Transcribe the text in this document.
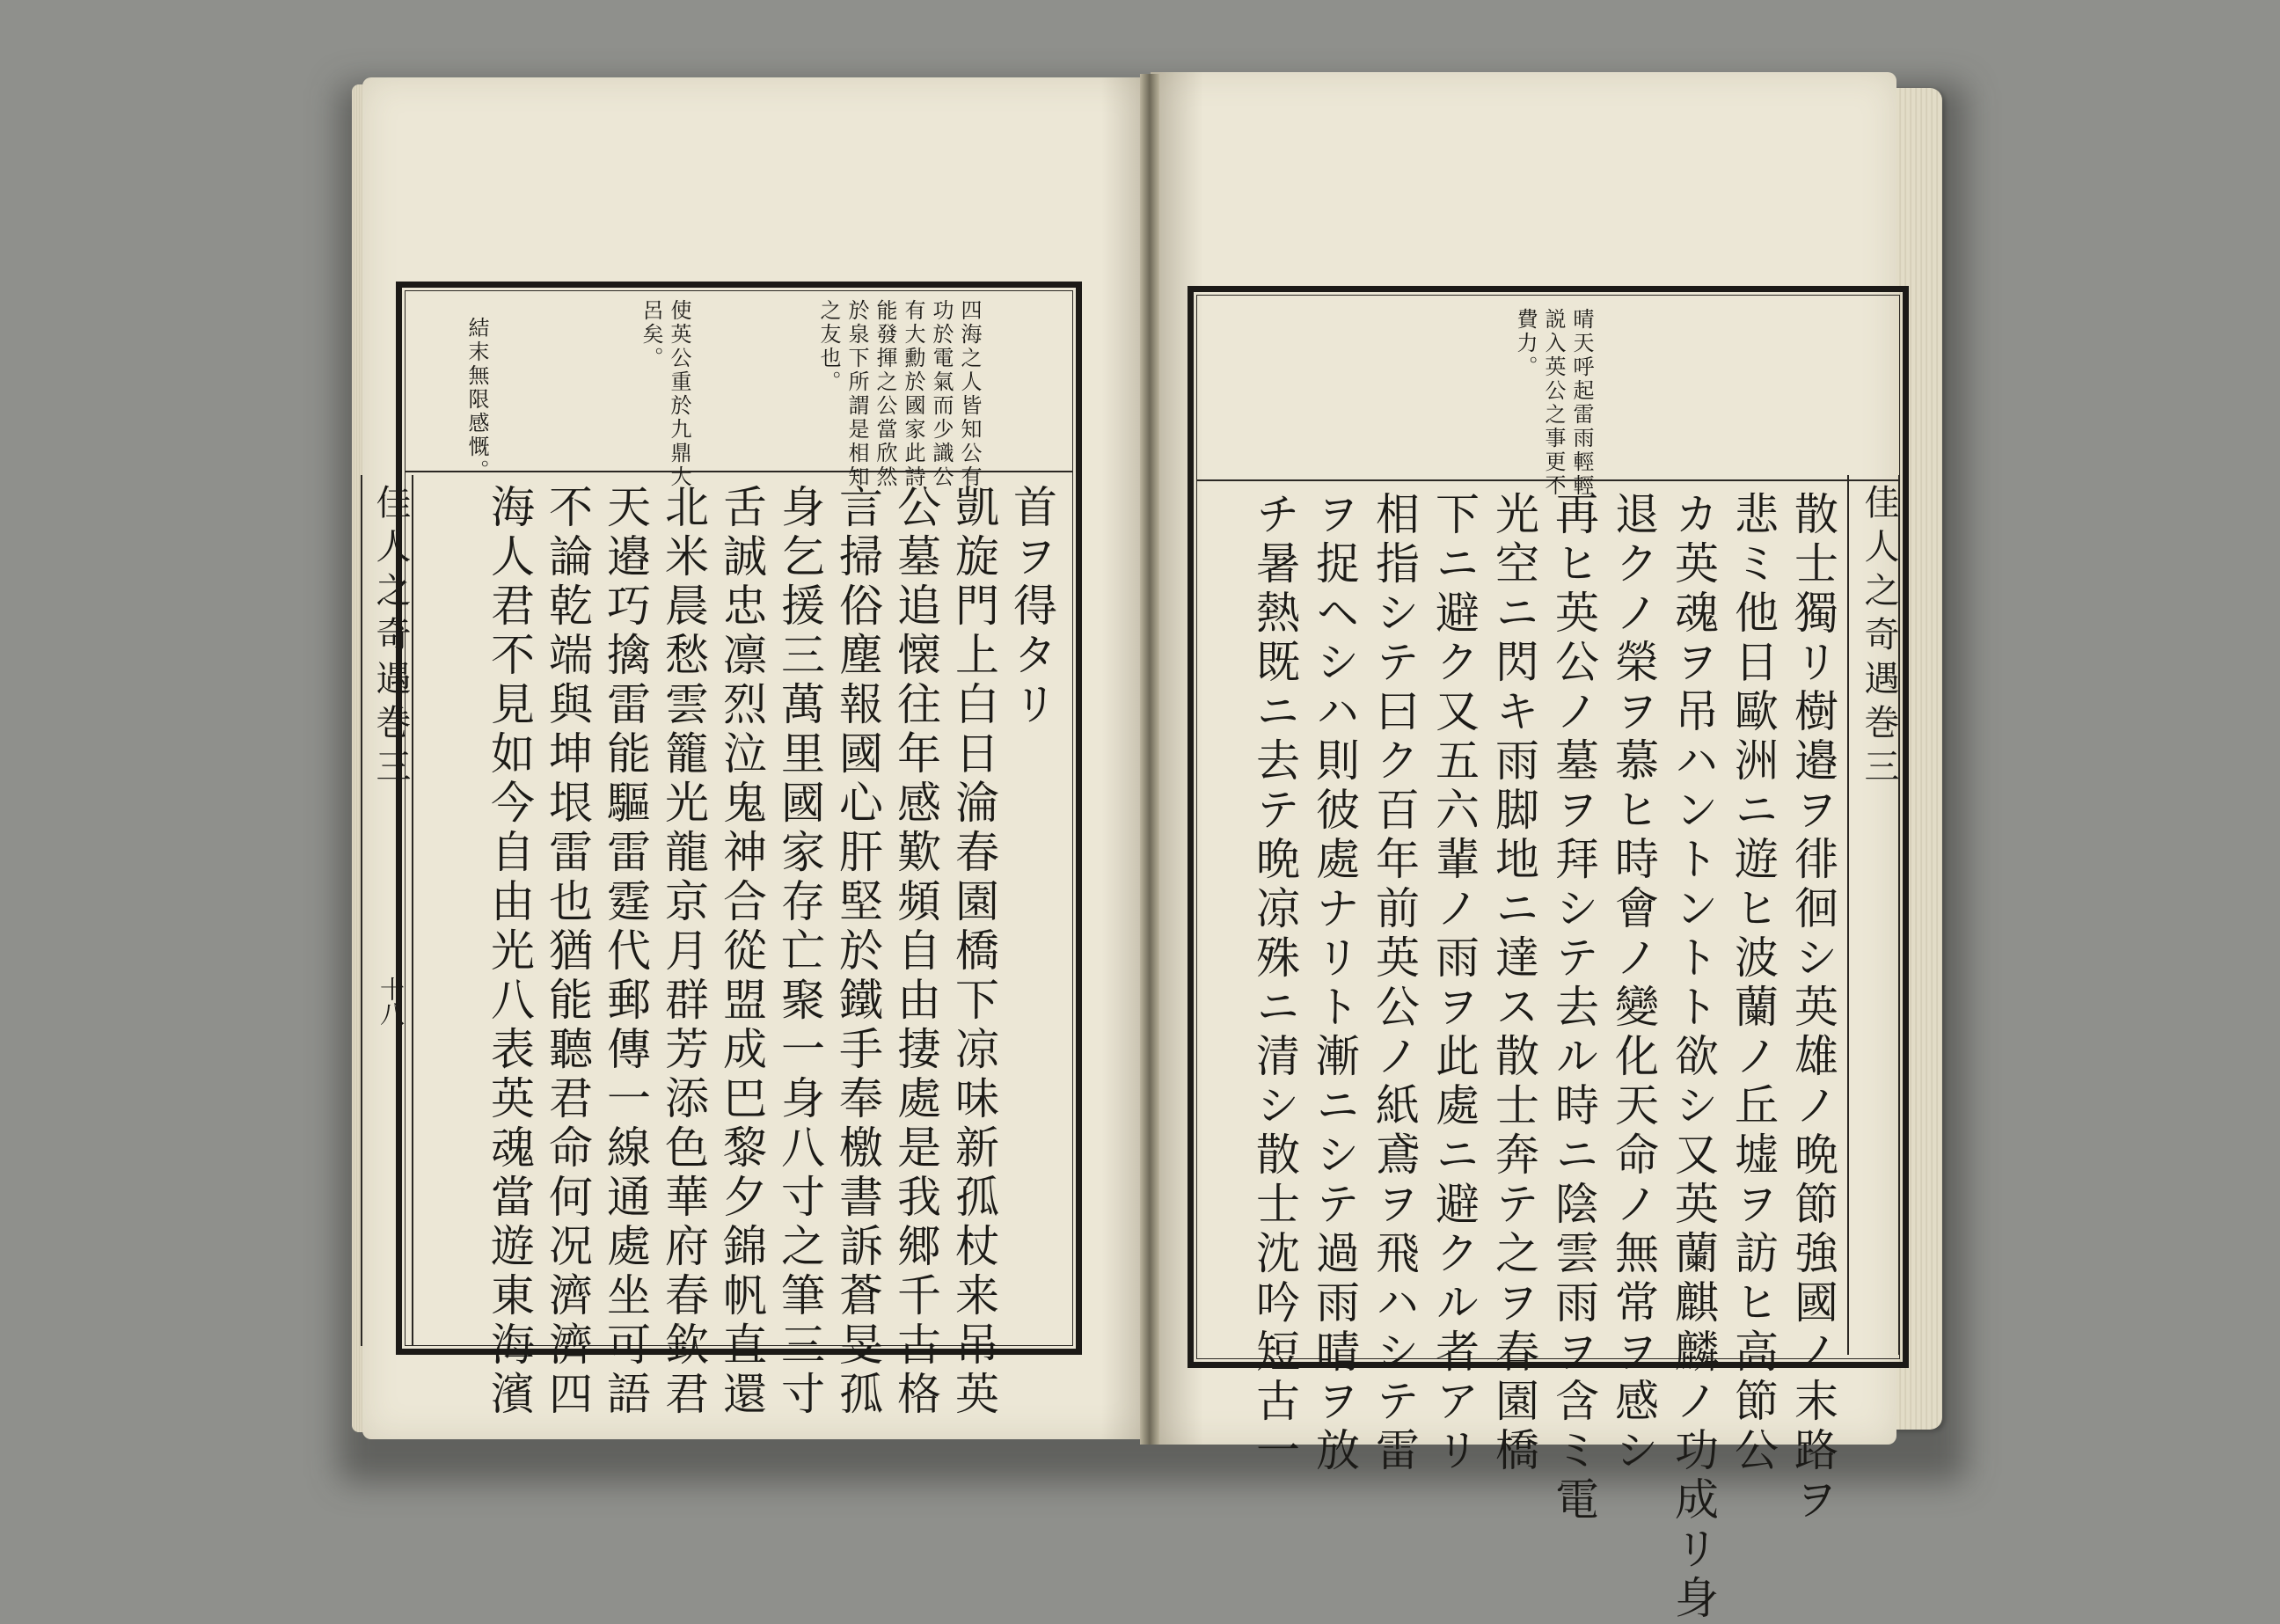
佳人之奇遇巻三
十八
佳人之奇遇巻三
四海之人皆知公有
功於電氣而少識公
有大勳於國家此詩
能發揮之公當欣然
於泉下所謂是相知
之友也。
使英公重於九鼎大
呂矣。
結末無限感慨。
首ヲ得タリ
凱旋門上白日淪春園橋下凉味新孤杖来吊英
公墓追懐往年感歎頻自由捿處是我郷千古格
言掃俗塵報國心肝堅於鐵手奉檄書訴蒼旻孤
身乞援三萬里國家存亡聚一身八寸之筆三寸
舌誠忠凛烈泣鬼神合從盟成巴黎夕錦帆直還
北米晨愁雲籠光龍京月群芳添色華府春欽君
天邉巧擒雷能驅雷霆代郵傳一線通處坐可語
不論乾端與坤垠雷也猶能聽君命何况濟濟四
海人君不見如今自由光八表英魂當遊東海濱
晴天呼起雷雨輕輕
説入英公之事更不
費力。
散士獨リ樹邉ヲ徘徊シ英雄ノ晩節強國ノ末路ヲ
悲ミ他日歐洲ニ遊ヒ波蘭ノ丘墟ヲ訪ヒ高節公
カ英魂ヲ吊ハントントト欲シ又英蘭麒麟ノ功成リ身
退クノ榮ヲ慕ヒ時會ノ變化天命ノ無常ヲ感シ
再ヒ英公ノ墓ヲ拜シテ去ル時ニ陰雲雨ヲ含ミ電
光空ニ閃キ雨脚地ニ達ス散士奔テ之ヲ春園橋
下ニ避ク又五六輩ノ雨ヲ此處ニ避クル者アリ
相指シテ曰ク百年前英公ノ紙鳶ヲ飛ハシテ雷
ヲ捉ヘシハ則彼處ナリト漸ニシテ過雨晴ヲ放
チ暑熱既ニ去テ晩凉殊ニ清シ散士沈吟短古一
